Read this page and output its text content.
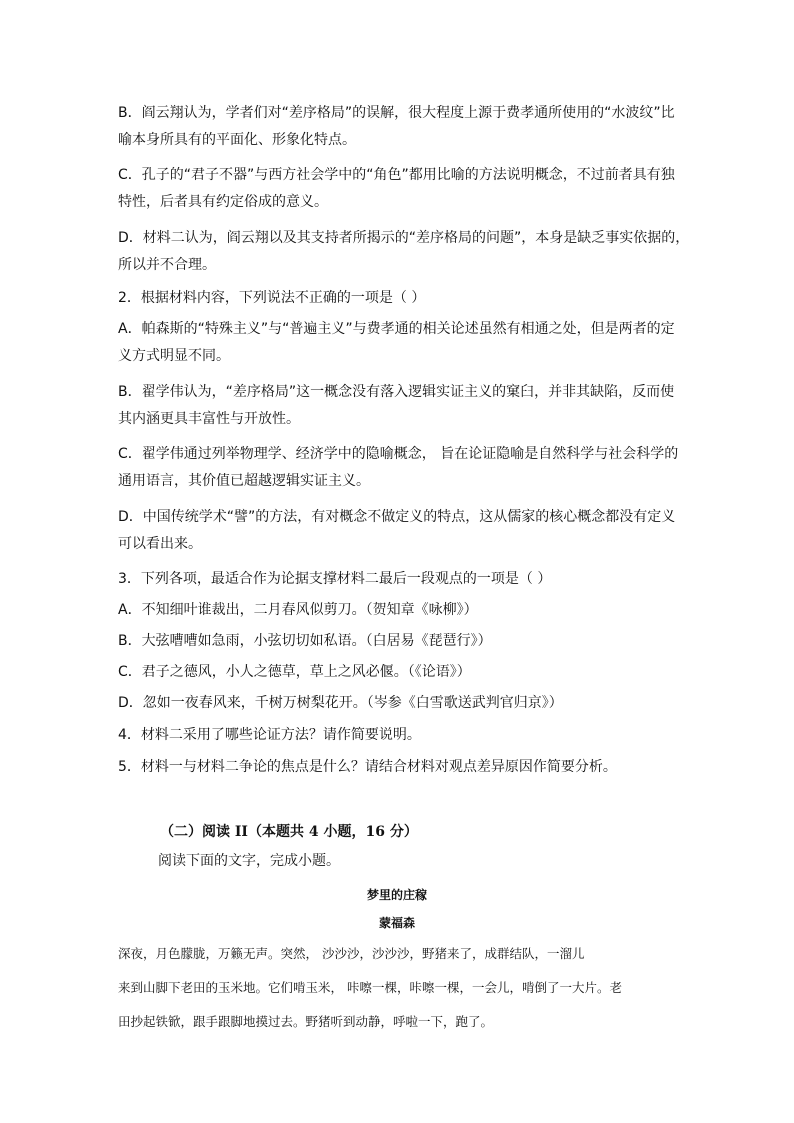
B．阎云翔认为，学者们对“差序格局”的误解，很大程度上源于费孝通所使用的“水波纹”比
喻本身所具有的平面化、形象化特点。

C．孔子的“君子不器”与西方社会学中的“角色”都用比喻的方法说明概念，不过前者具有独
特性，后者具有约定俗成的意义。

D．材料二认为，阎云翔以及其支持者所揭示的“差序格局的问题”，本身是缺乏事实依据的，
所以并不合理。

2．根据材料内容，下列说法不正确的一项是（ ）

A．帕森斯的“特殊主义”与“普遍主义”与费孝通的相关论述虽然有相通之处，但是两者的定
义方式明显不同。

B．翟学伟认为，“差序格局”这一概念没有落入逻辑实证主义的窠臼，并非其缺陷，反而使
其内涵更具丰富性与开放性。

C．翟学伟通过列举物理学、经济学中的隐喻概念， 旨在论证隐喻是自然科学与社会科学的
通用语言，其价值已超越逻辑实证主义。

D．中国传统学术“譬”的方法，有对概念不做定义的特点，这从儒家的核心概念都没有定义
可以看出来。

3．下列各项，最适合作为论据支撑材料二最后一段观点的一项是（ ）

A．不知细叶谁裁出，二月春风似剪刀。（贺知章《咏柳》）

B．大弦嘈嘈如急雨，小弦切切如私语。（白居易《琵琶行》）

C．君子之德风，小人之德草，草上之风必偃。（《论语》）

D．忽如一夜春风来，千树万树梨花开。（岑参《白雪歌送武判官归京》）

4．材料二采用了哪些论证方法？请作简要说明。

5．材料一与材料二争论的焦点是什么？请结合材料对观点差异原因作简要分析。

（二）阅读 II（本题共 4 小题，16 分）

阅读下面的文字，完成小题。

梦里的庄稼

蒙福森

深夜，月色朦胧，万籁无声。突然， 沙沙沙，沙沙沙，野猪来了，成群结队，一溜儿
来到山脚下老田的玉米地。它们啃玉米， 咔嚓一棵，咔嚓一棵，一会儿，啃倒了一大片。老
田抄起铁锨，跟手跟脚地摸过去。野猪听到动静，呼啦一下，跑了。
